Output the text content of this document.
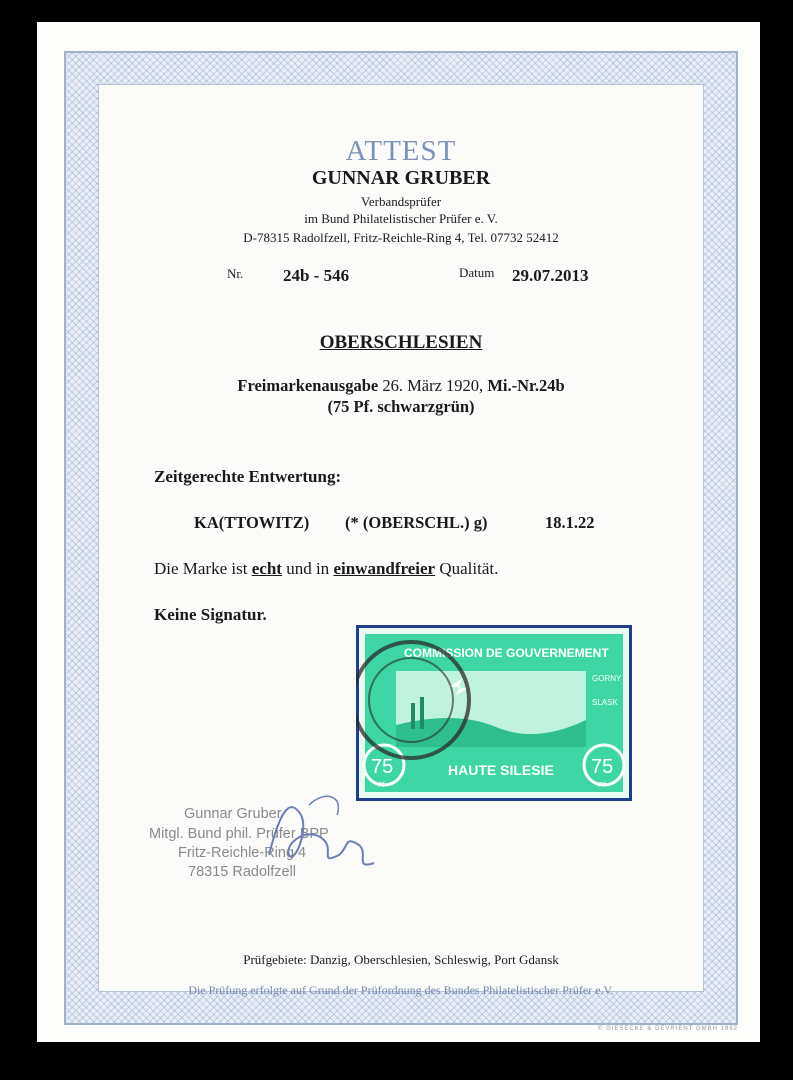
ATTEST
GUNNAR GRUBER
Verbandsprüfer
im Bund Philatelistischer Prüfer e. V.
D-78315 Radolfzell, Fritz-Reichle-Ring 4, Tel. 07732 52412
Nr. 24b - 546	Datum 29.07.2013
OBERSCHLESIEN
Freimarkenausgabe 26. März 1920, Mi.-Nr.24b
(75 Pf. schwarzgrün)
Zeitgerechte Entwertung:
KA(TTOWITZ) (* (OBERSCHL.) g)	18.1.22
Die Marke ist echt und in einwandfreier Qualität.
Keine Signatur.
COMMISSION DE GOUVERNEMENT
HAUTE SILESIE
75	75
Pf	Pf
GORNY
SLASK
Gunnar Gruber
Mitgl. Bund phil. Prüfer BPP
Fritz-Reichle-Ring 4
78315 Radolfzell
Prüfgebiete: Danzig, Oberschlesien, Schleswig, Port Gdansk
Die Prüfung erfolgte auf Grund der Prüfordnung des Bundes Philatelistischer Prüfer e.V.
© GIESECKE & DEVRIENT GMBH 1992
